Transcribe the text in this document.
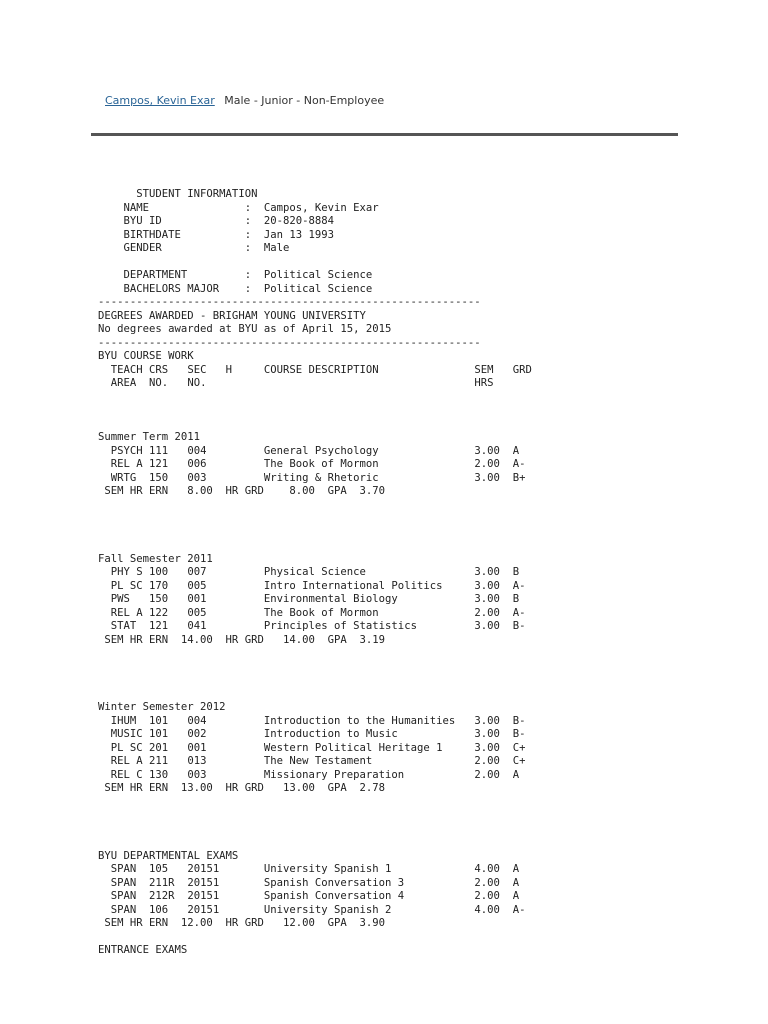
Campos, Kevin Exar Male - Junior - Non-Employee
STUDENT INFORMATION
NAME	: Campos, Kevin Exar
BYU ID	: 20-820-8884
BIRTHDATE	: Jan 13 1993
GENDER	: Male
DEPARTMENT	: Political Science
BACHELORS MAJOR : Political Science
------------------------------------------------------------
DEGREES AWARDED - BRIGHAM YOUNG UNIVERSITY
No degrees awarded at BYU as of April 15, 2015
------------------------------------------------------------
BYU COURSE WORK
TEACH CRS SEC H	COURSE DESCRIPTION	SEM GRD
AREA NO. NO.	HRS
Summer Term 2011
PSYCH 111 004	General Psychology	3.00 A
REL A 121 006	The Book of Mormon	2.00 A-
WRTG 150 003	Writing & Rhetoric	3.00 B+
SEM HR ERN   8.00  HR GRD    8.00  GPA  3.70
Fall Semester 2011
PHY S 100 007	Physical Science	3.00 B
PL SC 170 005	Intro International Politics	3.00 A-
PWS 150 001	Environmental Biology	3.00 B
REL A 122 005	The Book of Mormon	2.00 A-
STAT 121 041	Principles of Statistics	3.00 B-
SEM HR ERN  14.00  HR GRD   14.00  GPA  3.19
Winter Semester 2012
IHUM 101 004	Introduction to the Humanities 3.00 B-
MUSIC 101 002	Introduction to Music	3.00 B-
PL SC 201 001	Western Political Heritage 1	3.00 C+
REL A 211 013	The New Testament	2.00 C+
REL C 130 003	Missionary Preparation	2.00 A
SEM HR ERN  13.00  HR GRD   13.00  GPA  2.78
BYU DEPARTMENTAL EXAMS
SPAN 105 20151	University Spanish 1	4.00 A
SPAN 211R 20151	Spanish Conversation 3	2.00 A
SPAN 212R 20151	Spanish Conversation 4	2.00 A
SPAN 106 20151	University Spanish 2	4.00 A-
SEM HR ERN  12.00  HR GRD   12.00  GPA  3.90
ENTRANCE EXAMS
